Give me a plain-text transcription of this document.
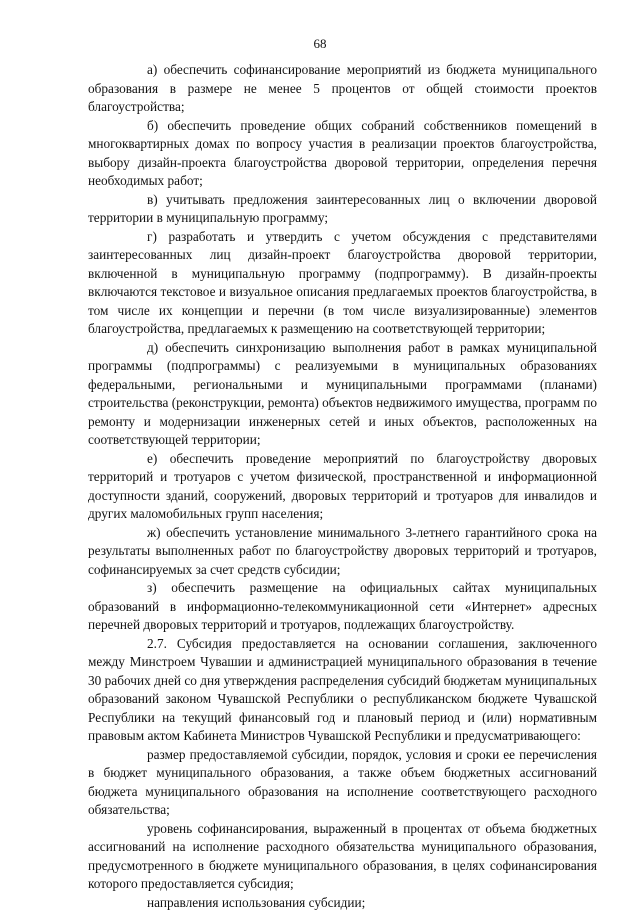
68

а) обеспечить софинансирование мероприятий из бюджета муниципального образования в размере не менее 5 процентов от общей стоимости проектов благоустройства;

б) обеспечить проведение общих собраний собственников помещений в многоквартирных домах по вопросу участия в реализации проектов благоустройства, выбору дизайн-проекта благоустройства дворовой территории, определения перечня необходимых работ;

в) учитывать предложения заинтересованных лиц о включении дворовой территории в муниципальную программу;

г) разработать и утвердить с учетом обсуждения с представителями заинтересованных лиц дизайн-проект благоустройства дворовой территории, включенной в муниципальную программу (подпрограмму). В дизайн-проекты включаются текстовое и визуальное описания предлагаемых проектов благоустройства, в том числе их концепции и перечни (в том числе визуализированные) элементов благоустройства, предлагаемых к размещению на соответствующей территории;

д) обеспечить синхронизацию выполнения работ в рамках муниципальной программы (подпрограммы) с реализуемыми в муниципальных образованиях федеральными, региональными и муниципальными программами (планами) строительства (реконструкции, ремонта) объектов недвижимого имущества, программ по ремонту и модернизации инженерных сетей и иных объектов, расположенных на соответствующей территории;

е) обеспечить проведение мероприятий по благоустройству дворовых территорий и тротуаров с учетом физической, пространственной и информационной доступности зданий, сооружений, дворовых территорий и тротуаров для инвалидов и других маломобильных групп населения;

ж) обеспечить установление минимального 3-летнего гарантийного срока на результаты выполненных работ по благоустройству дворовых территорий и тротуаров, софинансируемых за счет средств субсидии;

з) обеспечить размещение на официальных сайтах муниципальных образований в информационно-телекоммуникационной сети «Интернет» адресных перечней дворовых территорий и тротуаров, подлежащих благоустройству.

2.7. Субсидия предоставляется на основании соглашения, заключенного между Минстроем Чувашии и администрацией муниципального образования в течение 30 рабочих дней со дня утверждения распределения субсидий бюджетам муниципальных образований законом Чувашской Республики о республиканском бюджете Чувашской Республики на текущий финансовый год и плановый период и (или) нормативным правовым актом Кабинета Министров Чувашской Республики и предусматривающего:

размер предоставляемой субсидии, порядок, условия и сроки ее перечисления в бюджет муниципального образования, а также объем бюджетных ассигнований бюджета муниципального образования на исполнение соответствующего расходного обязательства;

уровень софинансирования, выраженный в процентах от объема бюджетных ассигнований на исполнение расходного обязательства муниципального образования, предусмотренного в бюджете муниципального образования, в целях софинансирования которого предоставляется субсидия;

направления использования субсидии;
